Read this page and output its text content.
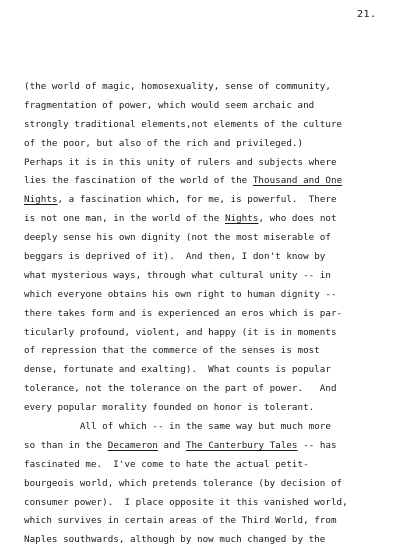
21.
(the world of magic, homosexuality, sense of community,
fragmentation of power, which would seem archaic and
strongly traditional elements,not elements of the culture
of the poor, but also of the rich and privileged.)
Perhaps it is in this unity of rulers and subjects where
lies the fascination of the world of the Thousand and One
Nights, a fascination which, for me, is powerful.  There
is not one man, in the world of the Nights, who does not
deeply sense his own dignity (not the most miserable of
beggars is deprived of it).  And then, I don't know by
what mysterious ways, through what cultural unity -- in
which everyone obtains his own right to human dignity --
there takes form and is experienced an eros which is par-
ticularly profound, violent, and happy (it is in moments
of repression that the commerce of the senses is most
dense, fortunate and exalting).  What counts is popular
tolerance, not the tolerance on the part of power.   And
every popular morality founded on honor is tolerant.
All of which -- in the same way but much more
so than in the Decameron and The Canterbury Tales -- has
fascinated me.  I've come to hate the actual petit-
bourgeois world, which pretends tolerance (by decision of
consumer power).  I place opposite it this vanished world,
which survives in certain areas of the Third World, from
Naples southwards, although by now much changed by the
